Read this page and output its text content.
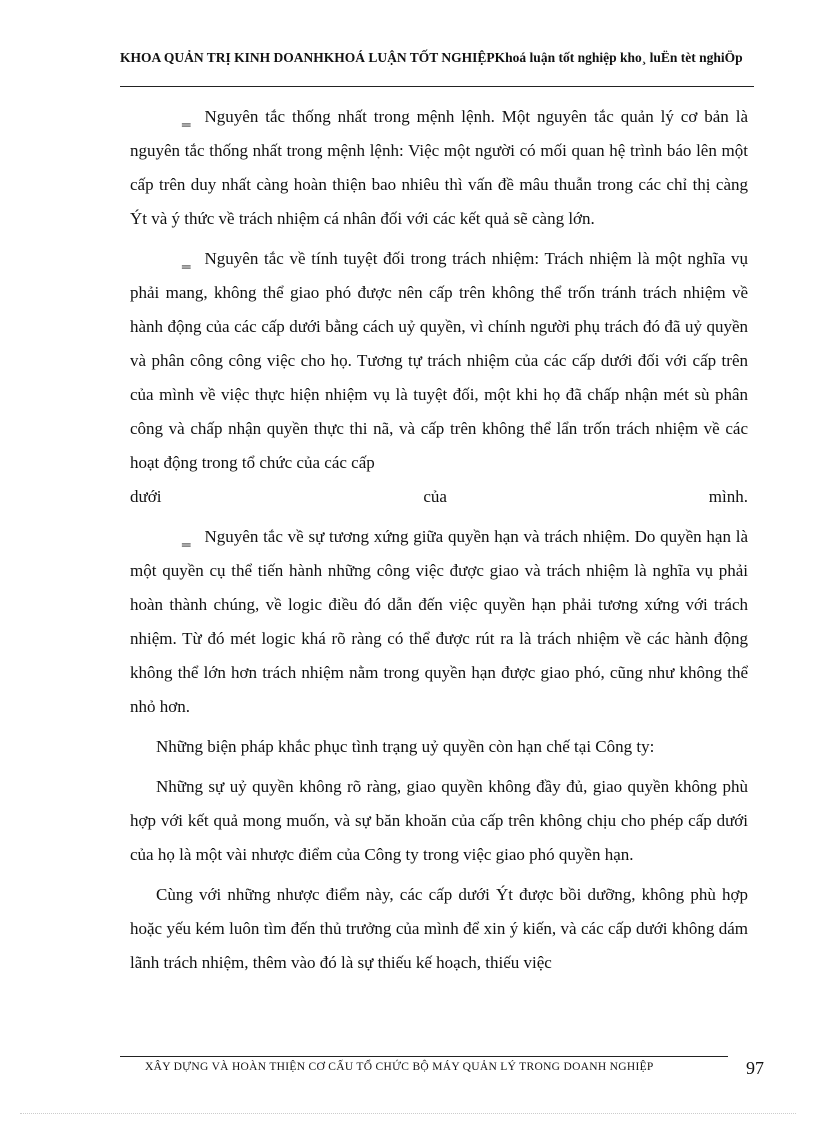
KHOA QUẢN TRỊ KINH DOANHKHOÁ LUẬN TỐT NGHIỆPKhoá luận tốt nghiệp kho¸ luËn tèt nghiÖp

‗ Nguyên tắc thống nhất trong mệnh lệnh. Một nguyên tắc quản lý cơ bản là nguyên tắc thống nhất trong mệnh lệnh: Việc một người có mối quan hệ trình báo lên một cấp trên duy nhất càng hoàn thiện bao nhiêu thì vấn đề mâu thuẫn trong các chỉ thị càng Ýt và ý thức về trách nhiệm cá nhân đối với các kết quả sẽ càng lớn.

‗ Nguyên tắc về tính tuyệt đối trong trách nhiệm: Trách nhiệm là một nghĩa vụ phải mang, không thể giao phó được nên cấp trên không thể trốn tránh trách nhiệm về hành động của các cấp dưới bằng cách uỷ quyền, vì chính người phụ trách đó đã uỷ quyền và phân công công việc cho họ. Tương tự trách nhiệm của các cấp dưới đối với cấp trên của mình về việc thực hiện nhiệm vụ là tuyệt đối, một khi họ đã chấp nhận mét sù phân công và chấp nhận quyền thực thi nã, và cấp trên không thể lẩn trốn trách nhiệm về các hoạt động trong tổ chức của các cấp

dưới	của	mình.

‗ Nguyên tắc về sự tương xứng giữa quyền hạn và trách nhiệm. Do quyền hạn là một quyền cụ thể tiến hành những công việc được giao và trách nhiệm là nghĩa vụ phải hoàn thành chúng, về logic điều đó dẫn đến việc quyền hạn phải tương xứng với trách nhiệm. Từ đó mét logic khá rõ ràng có thể được rút ra là trách nhiệm về các hành động không thể lớn hơn trách nhiệm nằm trong quyền hạn được giao phó, cũng như không thể nhỏ hơn.

Những biện pháp khắc phục tình trạng uỷ quyền còn hạn chế tại Công ty:

Những sự uỷ quyền không rõ ràng, giao quyền không đầy đủ, giao quyền không phù hợp với kết quả mong muốn, và sự băn khoăn của cấp trên không chịu cho phép cấp dưới của họ là một vài nhược điểm của Công ty trong việc giao phó quyền hạn.

Cùng với những nhược điểm này, các cấp dưới Ýt được bồi dưỡng, không phù hợp hoặc yếu kém luôn tìm đến thủ trưởng của mình để xin ý kiến, và các cấp dưới không dám lãnh trách nhiệm, thêm vào đó là sự thiếu kế hoạch, thiếu việc

XÂY DỰNG VÀ HOÀN THIỆN CƠ CẤU TỔ CHỨC BỘ MÁY QUẢN LÝ TRONG DOANH NGHIỆP	97
